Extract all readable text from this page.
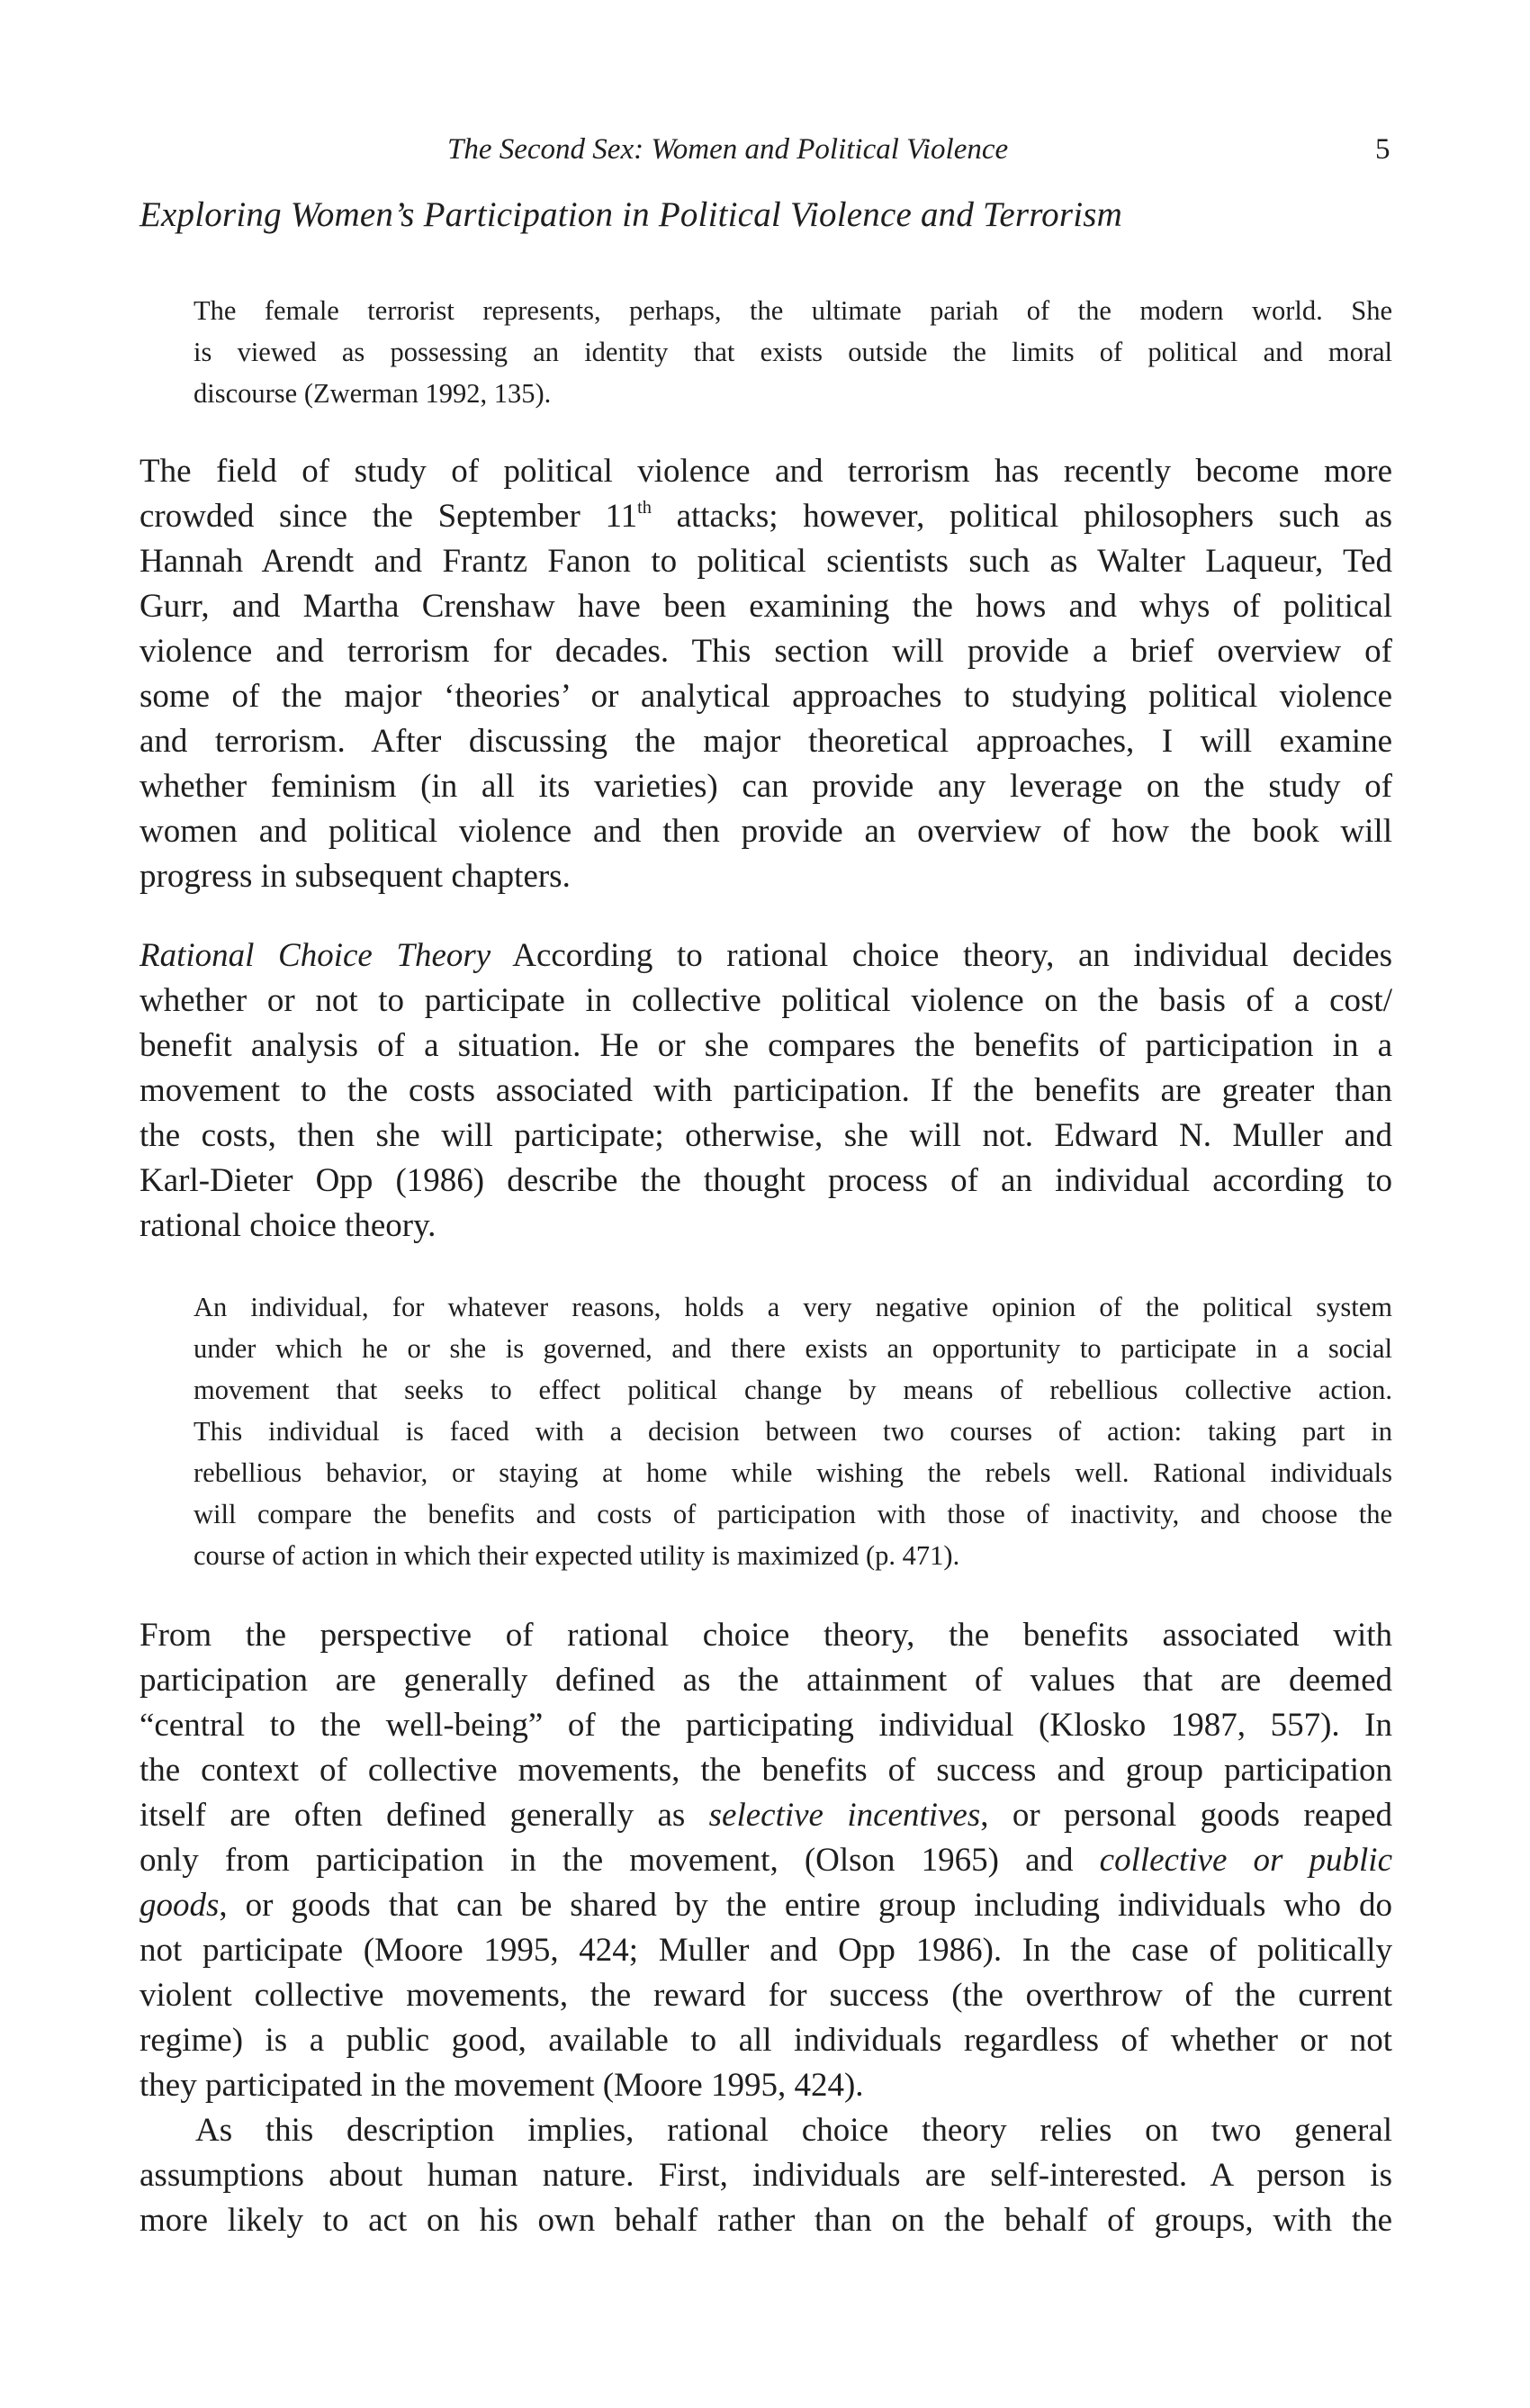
The Second Sex: Women and Political Violence	5
Exploring Women’s Participation in Political Violence and Terrorism
The female terrorist represents, perhaps, the ultimate pariah of the modern world. She
is viewed as possessing an identity that exists outside the limits of political and moral
discourse (Zwerman 1992, 135).
The field of study of political violence and terrorism has recently become more
crowded since the September 11th attacks; however, political philosophers such as
Hannah Arendt and Frantz Fanon to political scientists such as Walter Laqueur, Ted
Gurr, and Martha Crenshaw have been examining the hows and whys of political
violence and terrorism for decades. This section will provide a brief overview of
some of the major ‘theories’ or analytical approaches to studying political violence
and terrorism. After discussing the major theoretical approaches, I will examine
whether feminism (in all its varieties) can provide any leverage on the study of
women and political violence and then provide an overview of how the book will
progress in subsequent chapters.
Rational Choice Theory According to rational choice theory, an individual decides
whether or not to participate in collective political violence on the basis of a cost/
benefit analysis of a situation. He or she compares the benefits of participation in a
movement to the costs associated with participation. If the benefits are greater than
the costs, then she will participate; otherwise, she will not. Edward N. Muller and
Karl-Dieter Opp (1986) describe the thought process of an individual according to
rational choice theory.
An individual, for whatever reasons, holds a very negative opinion of the political system
under which he or she is governed, and there exists an opportunity to participate in a social
movement that seeks to effect political change by means of rebellious collective action.
This individual is faced with a decision between two courses of action: taking part in
rebellious behavior, or staying at home while wishing the rebels well. Rational individuals
will compare the benefits and costs of participation with those of inactivity, and choose the
course of action in which their expected utility is maximized (p. 471).
From the perspective of rational choice theory, the benefits associated with
participation are generally defined as the attainment of values that are deemed
“central to the well-being” of the participating individual (Klosko 1987, 557). In
the context of collective movements, the benefits of success and group participation
itself are often defined generally as selective incentives, or personal goods reaped
only from participation in the movement, (Olson 1965) and collective or public
goods, or goods that can be shared by the entire group including individuals who do
not participate (Moore 1995, 424; Muller and Opp 1986). In the case of politically
violent collective movements, the reward for success (the overthrow of the current
regime) is a public good, available to all individuals regardless of whether or not
they participated in the movement (Moore 1995, 424).
As this description implies, rational choice theory relies on two general
assumptions about human nature. First, individuals are self-interested. A person is
more likely to act on his own behalf rather than on the behalf of groups, with the
